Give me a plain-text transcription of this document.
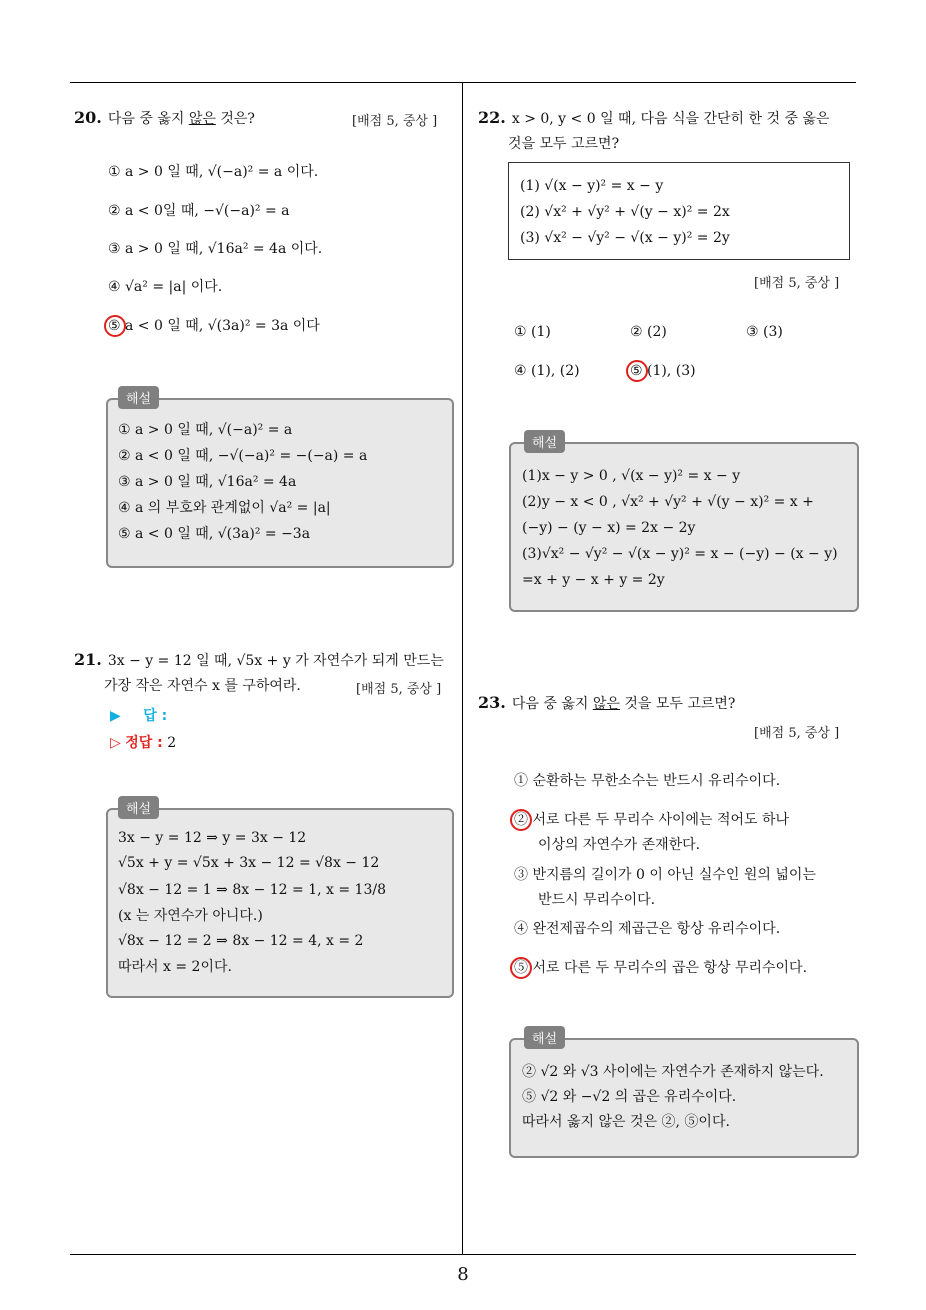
20. 다음 중 옳지 않은 것은?	[배점 5, 중상 ]
① a > 0 일 때, √(−a)² = a 이다.
② a < 0일 때, −√(−a)² = a
③ a > 0 일 때, √16a² = 4a 이다.
④ √a² = |a| 이다.
⑤ a < 0 일 때, √(3a)² = 3a 이다
해설
① a > 0 일 때, √(−a)² = a
② a < 0 일 때, −√(−a)² = −(−a) = a
③ a > 0 일 때, √16a² = 4a
④ a 의 부호와 관계없이 √a² = |a|
⑤ a < 0 일 때, √(3a)² = −3a
21. 3x − y = 12 일 때, √5x + y 가 자연수가 되게 만드는
가장 작은 자연수 x 를 구하여라.	[배점 5, 중상 ]
▶ 답 :
▷ 정답 : 2
해설
3x − y = 12 ⇒ y = 3x − 12
√5x + y = √5x + 3x − 12 = √8x − 12
√8x − 12 = 1 ⇒ 8x − 12 = 1, x = 13/8
(x 는 자연수가 아니다.)
√8x − 12 = 2 ⇒ 8x − 12 = 4, x = 2
따라서 x = 2이다.
22. x > 0, y < 0 일 때, 다음 식을 간단히 한 것 중 옳은
것을 모두 고르면?
(1) √(x − y)² = x − y
(2) √x² + √y² + √(y − x)² = 2x
(3) √x² − √y² − √(x − y)² = 2y
[배점 5, 중상 ]
① (1)	② (2)	③ (3)
④ (1), (2)	⑤ (1), (3)
해설
(1)x − y > 0 , √(x − y)² = x − y
(2)y − x < 0 , √x² + √y² + √(y − x)² = x +
(−y) − (y − x) = 2x − 2y
(3)√x² − √y² − √(x − y)² = x − (−y) − (x − y)
=x + y − x + y = 2y
23. 다음 중 옳지 않은 것을 모두 고르면?
[배점 5, 중상 ]
① 순환하는 무한소수는 반드시 유리수이다.
② 서로 다른 두 무리수 사이에는 적어도 하나
이상의 자연수가 존재한다.
③ 반지름의 길이가 0 이 아닌 실수인 원의 넓이는
반드시 무리수이다.
④ 완전제곱수의 제곱근은 항상 유리수이다.
⑤ 서로 다른 두 무리수의 곱은 항상 무리수이다.
해설
② √2 와 √3 사이에는 자연수가 존재하지 않는다.
⑤ √2 와 −√2 의 곱은 유리수이다.
따라서 옳지 않은 것은 ②, ⑤이다.
8
